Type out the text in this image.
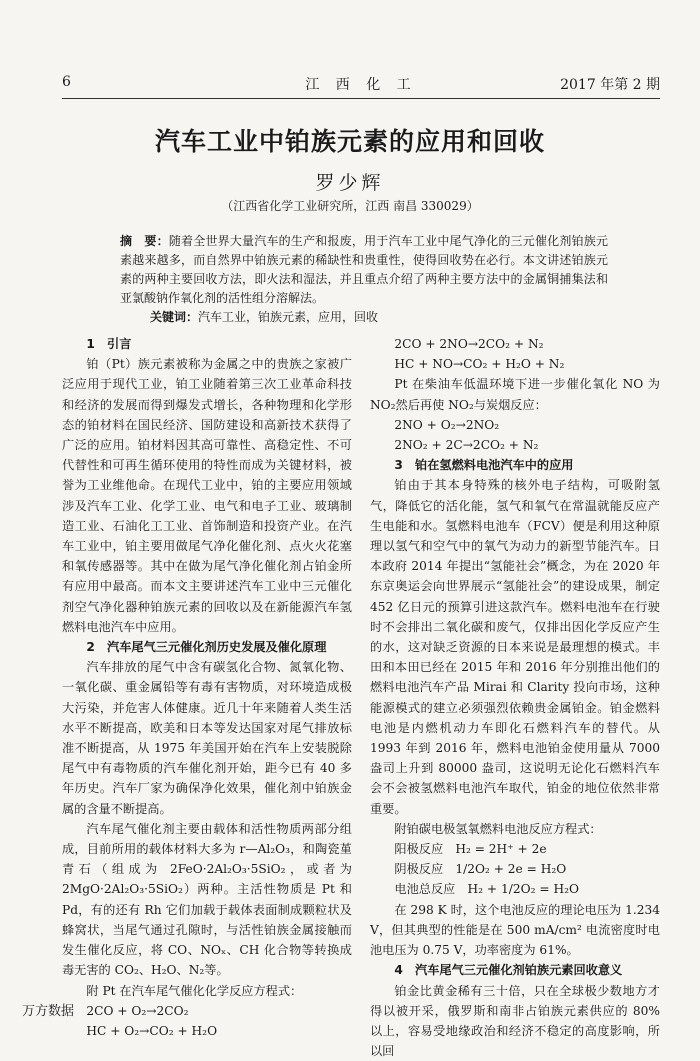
6	江 西 化 工	2017 年第 2 期
汽车工业中铂族元素的应用和回收
罗少辉
（江西省化学工业研究所，江西 南昌 330029）
摘　要：随着全世界大量汽车的生产和报废，用于汽车工业中尾气净化的三元催化剂铂族元素越来越多，而自然界中铂族元素的稀缺性和贵重性，使得回收势在必行。本文讲述铂族元素的两种主要回收方法，即火法和湿法，并且重点介绍了两种主要方法中的金属铜捕集法和亚氯酸钠作氧化剂的活性组分溶解法。
关键词：汽车工业，铂族元素，应用，回收
1　引言

铂（Pt）族元素被称为金属之中的贵族之家被广泛应用于现代工业，铂工业随着第三次工业革命科技和经济的发展而得到爆发式增长，各种物理和化学形态的铂材料在国民经济、国防建设和高新技术获得了广泛的应用。铂材料因其高可靠性、高稳定性、不可代替性和可再生循环使用的特性而成为关键材料，被誉为工业维他命。在现代工业中，铂的主要应用领域涉及汽车工业、化学工业、电气和电子工业、玻璃制造工业、石油化工工业、首饰制造和投资产业。在汽车工业中，铂主要用做尾气净化催化剂、点火火花塞和氧传感器等。其中在做为尾气净化催化剂占铂金所有应用中最高。而本文主要讲述汽车工业中三元催化剂空气净化器种铂族元素的回收以及在新能源汽车氢燃料电池汽车中应用。

2　汽车尾气三元催化剂历史发展及催化原理

汽车排放的尾气中含有碳氢化合物、氮氧化物、一氧化碳、重金属铅等有毒有害物质，对环境造成极大污染，并危害人体健康。近几十年来随着人类生活水平不断提高，欧美和日本等发达国家对尾气排放标准不断提高，从 1975 年美国开始在汽车上安装脱除尾气中有毒物质的汽车催化剂开始，距今已有 40 多年历史。汽车厂家为确保净化效果，催化剂中铂族金属的含量不断提高。

汽车尾气催化剂主要由载体和活性物质两部分组成，目前所用的载体材料大多为 r—Al₂O₃，和陶瓷堇青石（组成为 2FeO·2Al₂O₃·5SiO₂，或者为 2MgO·2Al₂O₃·5SiO₂）两种。主活性物质是 Pt 和 Pd，有的还有 Rh 它们加载于载体表面制成颗粒状及蜂窝状，当尾气通过孔隙时，与活性铂族金属接触而发生催化反应，将 CO、NOₓ、CH 化合物等转换成毒无害的 CO₂、H₂O、N₂等。

附 Pt 在汽车尾气催化化学反应方程式：

2CO + O₂→2CO₂
HC + O₂→CO₂ + H₂O
2CO + 2NO→2CO₂ + N₂
HC + NO→CO₂ + H₂O + N₂

Pt 在柴油车低温环境下进一步催化氧化 NO 为 NO₂然后再使 NO₂与炭烟反应：

2NO + O₂→2NO₂
2NO₂ + 2C→2CO₂ + N₂
3　铂在氢燃料电池汽车中的应用

铂由于其本身特殊的核外电子结构，可吸附氢气，降低它的活化能，氢气和氧气在常温就能反应产生电能和水。氢燃料电池车（FCV）便是利用这种原理以氢气和空气中的氧气为动力的新型节能汽车。日本政府 2014 年提出“氢能社会”概念，为在 2020 年东京奥运会向世界展示“氢能社会”的建设成果，制定 452 亿日元的预算引进这款汽车。燃料电池车在行驶时不会排出二氧化碳和废气，仅排出因化学反应产生的水，这对缺乏资源的日本来说是最理想的模式。丰田和本田已经在 2015 年和 2016 年分别推出他们的燃料电池汽车产品 Mirai 和 Clarity 投向市场，这种能源模式的建立必须强烈依赖贵金属铂金。铂金燃料电池是内燃机动力车即化石燃料汽车的替代。从 1993 年到 2016 年，燃料电池铂金使用量从 7000 盎司上升到 80000 盎司，这说明无论化石燃料汽车会不会被氢燃料电池汽车取代，铂金的地位依然非常重要。

附铂碳电极氢氧燃料电池反应方程式：

阳极反应　H₂ = 2H⁺ + 2e
阴极反应　1/2O₂ + 2e = H₂O
电池总反应　H₂ + 1/2O₂ = H₂O

在 298 K 时，这个电池反应的理论电压为 1.234 V，但其典型的性能是在 500 mA/cm² 电流密度时电池电压为 0.75 V，功率密度为 61%。

4　汽车尾气三元催化剂铂族元素回收意义

铂金比黄金稀有三十倍，只在全球极少数地方才得以被开采，俄罗斯和南非占铂族元素供应的 80% 以上，容易受地缘政治和经济不稳定的高度影响，所以回

万方数据
